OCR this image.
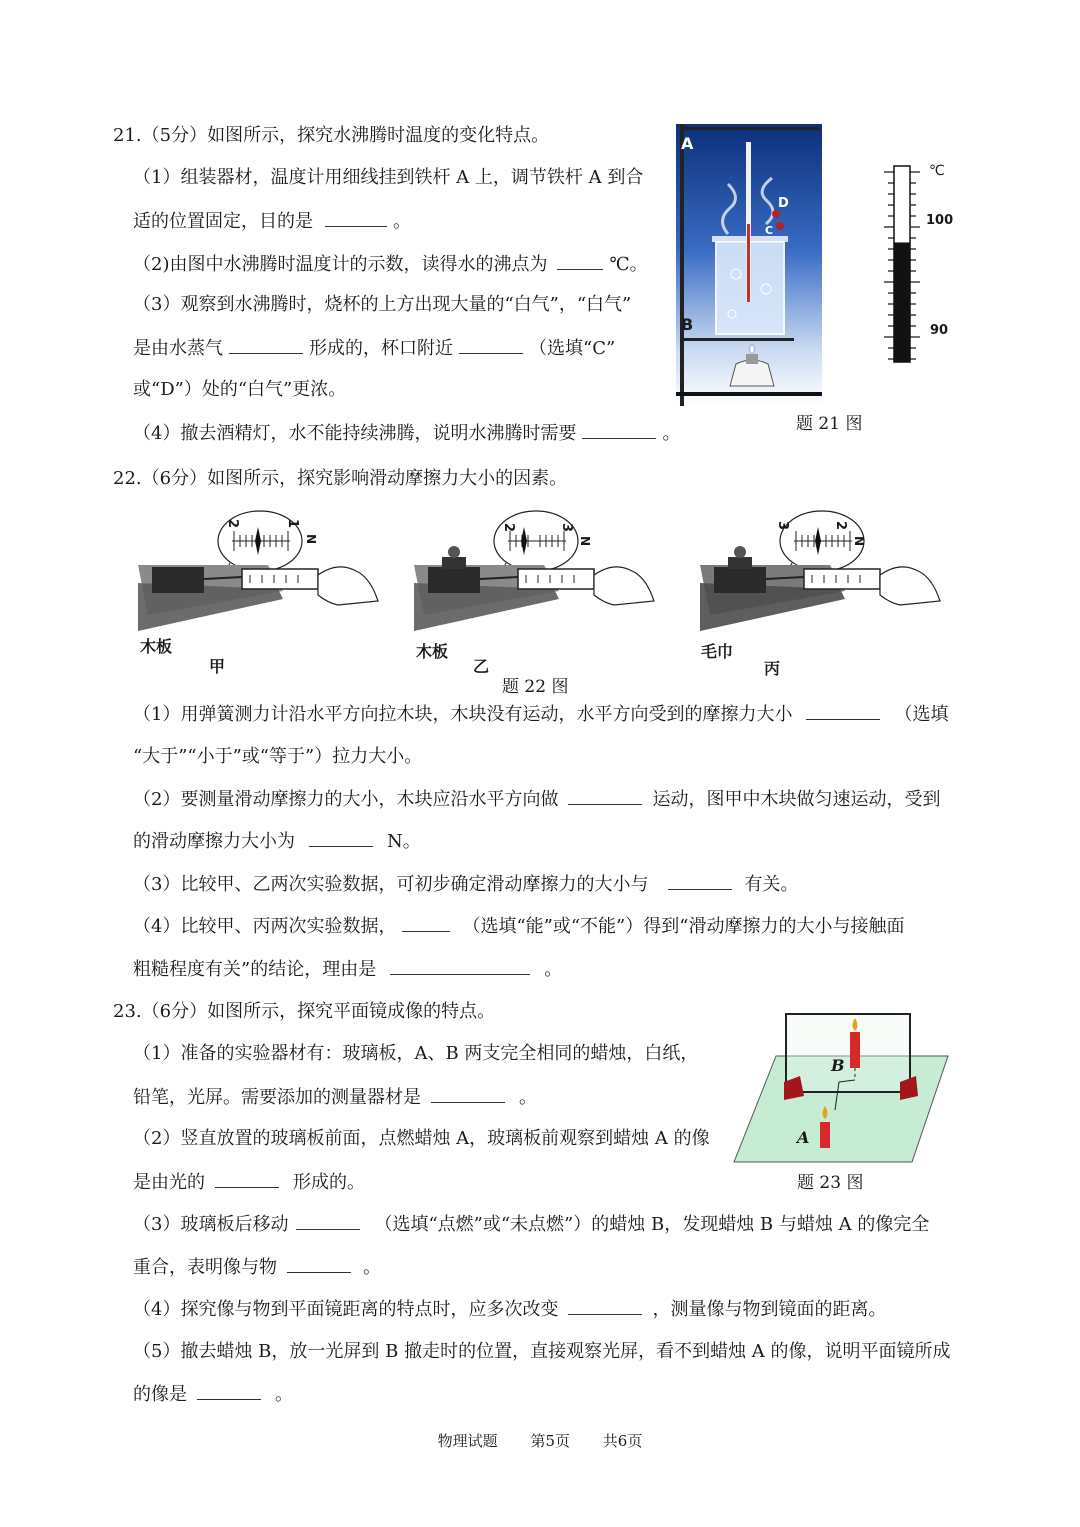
21.（5分）如图所示，探究水沸腾时温度的变化特点。
（1）组装器材，温度计用细线挂到铁杆 A 上，调节铁杆 A 到合
适的位置固定，目的是	。
（2)由图中水沸腾时温度计的示数，读得水的沸点为	℃。
（3）观察到水沸腾时，烧杯的上方出现大量的“白气”，“白气”
是由水蒸气	形成的，杯口附近	（选填“C”
或“D”）处的“白气”更浓。
（4）撤去酒精灯，水不能持续沸腾，说明水沸腾时需要	。
A
B
D
C
℃
100
90
题 21 图
22.（6分）如图所示，探究影响滑动摩擦力大小的因素。
2	1
N
2	3
N
3	2
N
木板
甲
木板
乙
毛巾
丙
题 22 图
（1）用弹簧测力计沿水平方向拉木块，木块没有运动，水平方向受到的摩擦力大小	（选填
“大于”“小于”或“等于”）拉力大小。
（2）要测量滑动摩擦力的大小，木块应沿水平方向做	运动，图甲中木块做匀速运动，受到
的滑动摩擦力大小为	N。
（3）比较甲、乙两次实验数据，可初步确定滑动摩擦力的大小与	有关。
（4）比较甲、丙两次实验数据，	（选填“能”或“不能”）得到“滑动摩擦力的大小与接触面
粗糙程度有关”的结论，理由是	。
23.（6分）如图所示，探究平面镜成像的特点。
（1）准备的实验器材有：玻璃板，A、B 两支完全相同的蜡烛，白纸，
铅笔，光屏。需要添加的测量器材是	。
（2）竖直放置的玻璃板前面，点燃蜡烛 A，玻璃板前观察到蜡烛 A 的像
是由光的	形成的。
B
A
题 23 图
（3）玻璃板后移动	（选填“点燃”或“未点燃”）的蜡烛 B，发现蜡烛 B 与蜡烛 A 的像完全
重合，表明像与物	。
（4）探究像与物到平面镜距离的特点时，应多次改变	，测量像与物到镜面的距离。
（5）撤去蜡烛 B，放一光屏到 B 撤走时的位置，直接观察光屏，看不到蜡烛 A 的像，说明平面镜所成
的像是	。
物理试题 第5页 共6页
